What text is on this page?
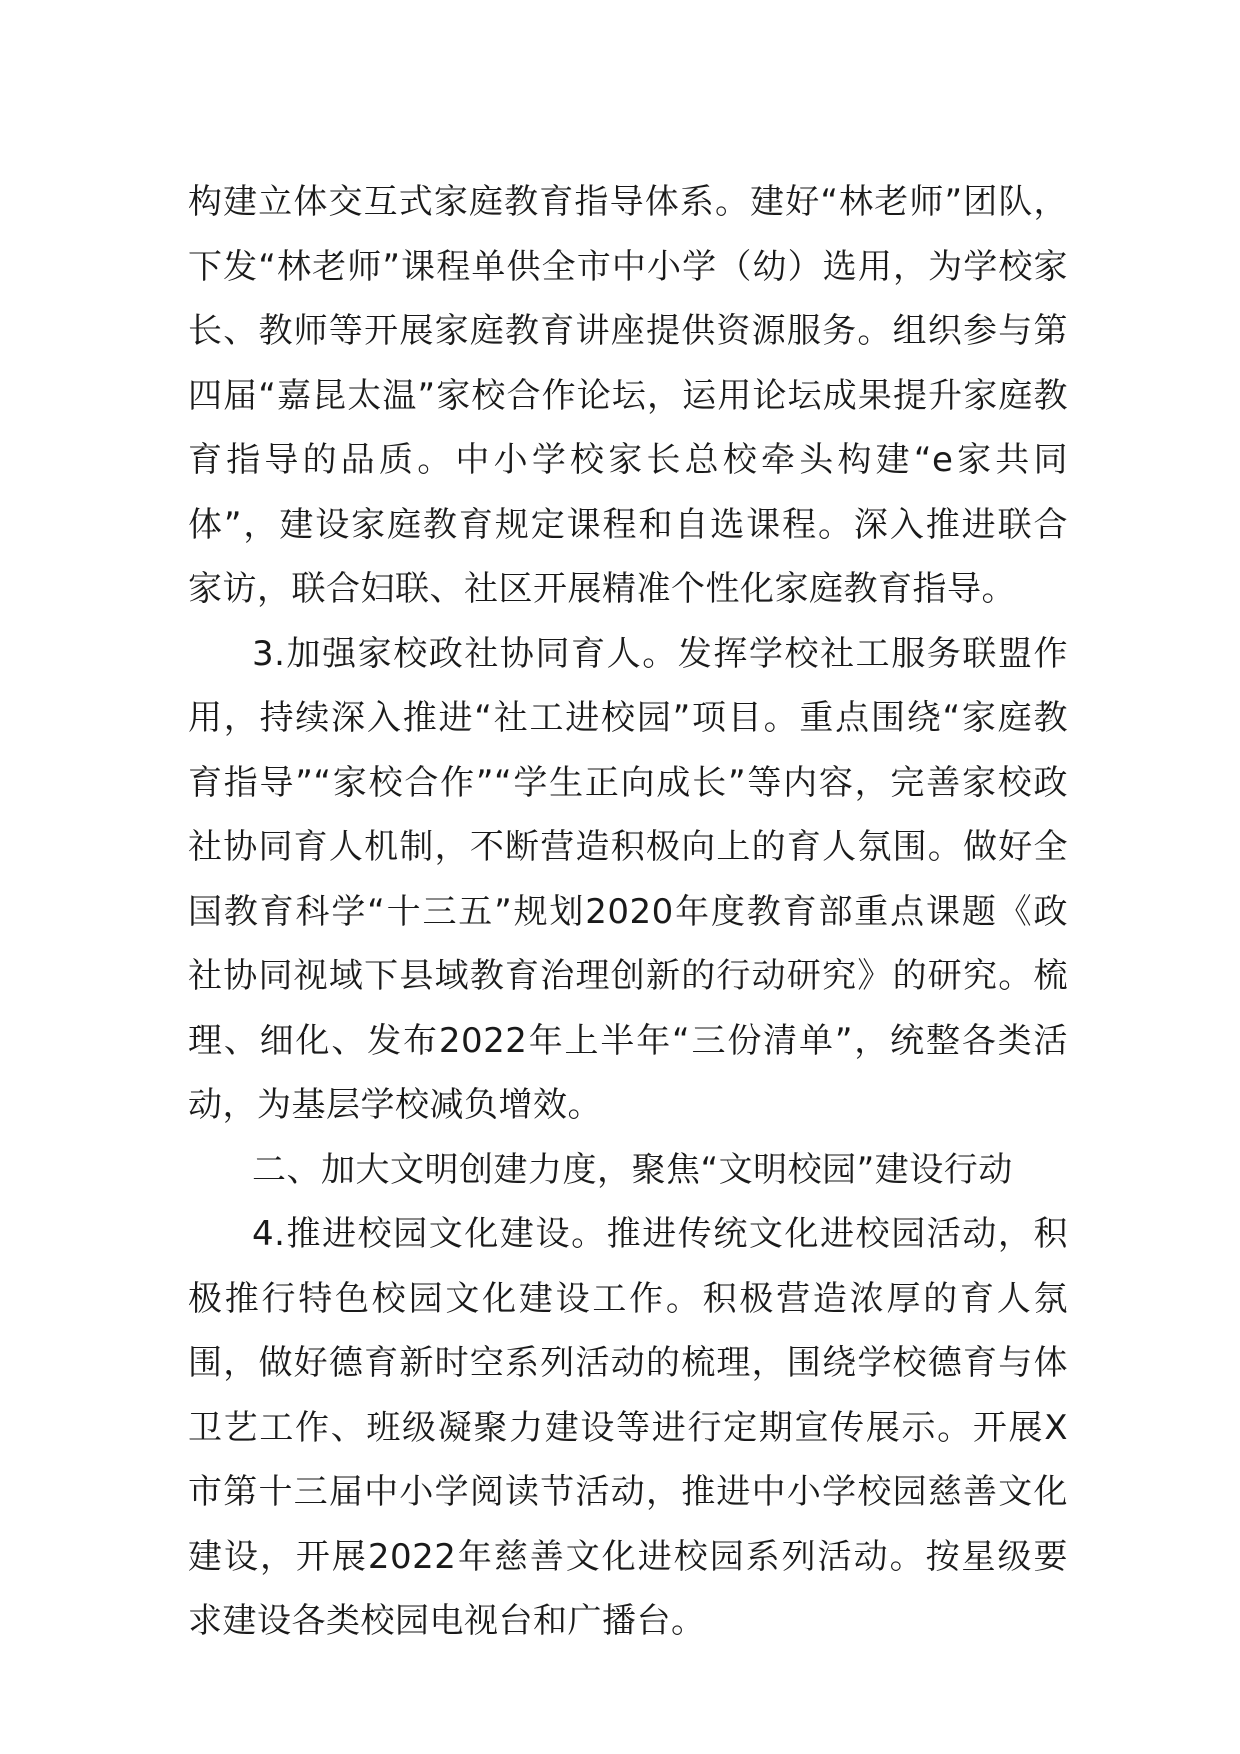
构建立体交互式家庭教育指导体系。建好“林老师”团队，下发“林老师”课程单供全市中小学（幼）选用，为学校家长、教师等开展家庭教育讲座提供资源服务。组织参与第四届“嘉昆太温”家校合作论坛，运用论坛成果提升家庭教育指导的品质。中小学校家长总校牵头构建“e家共同体”，建设家庭教育规定课程和自选课程。深入推进联合家访，联合妇联、社区开展精准个性化家庭教育指导。

3.加强家校政社协同育人。发挥学校社工服务联盟作用，持续深入推进“社工进校园”项目。重点围绕“家庭教育指导”“家校合作”“学生正向成长”等内容，完善家校政社协同育人机制，不断营造积极向上的育人氛围。做好全国教育科学“十三五”规划2020年度教育部重点课题《政社协同视域下县域教育治理创新的行动研究》的研究。梳理、细化、发布2022年上半年“三份清单”，统整各类活动，为基层学校减负增效。

二、加大文明创建力度，聚焦“文明校园”建设行动

4.推进校园文化建设。推进传统文化进校园活动，积极推行特色校园文化建设工作。积极营造浓厚的育人氛围，做好德育新时空系列活动的梳理，围绕学校德育与体卫艺工作、班级凝聚力建设等进行定期宣传展示。开展X市第十三届中小学阅读节活动，推进中小学校园慈善文化建设，开展2022年慈善文化进校园系列活动。按星级要求建设各类校园电视台和广播台。
